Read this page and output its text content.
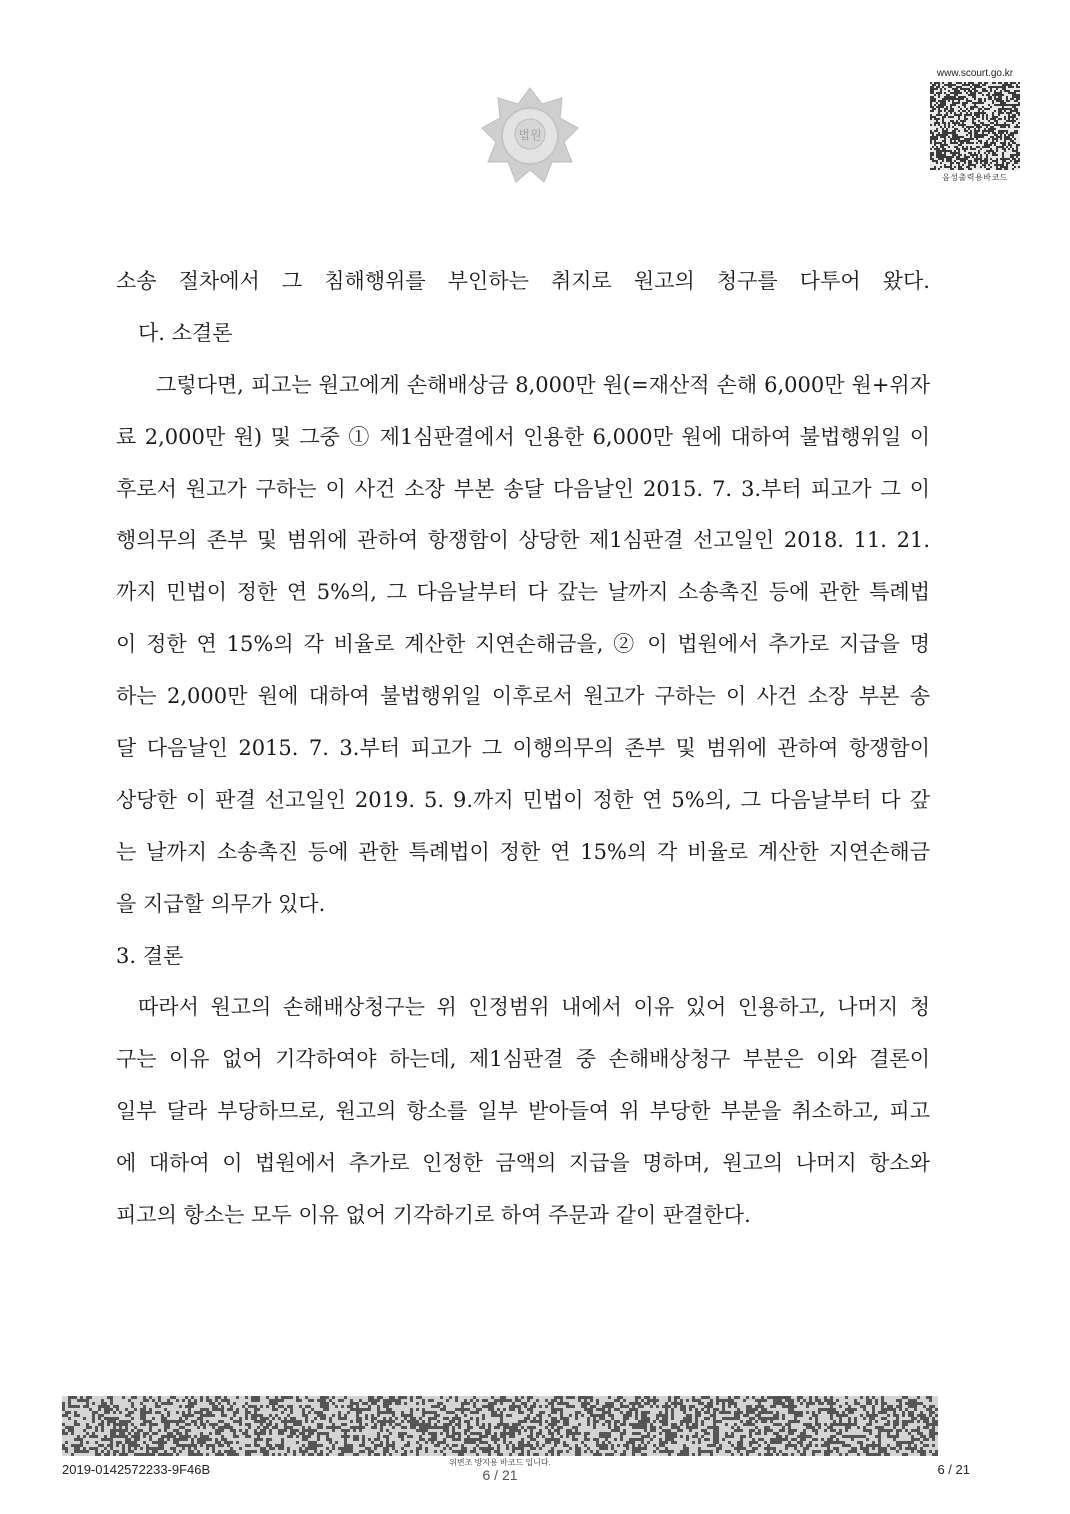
법원
www.scourt.go.kr
음성출력용바코드
소송 절차에서 그 침해행위를 부인하는 취지로 원고의 청구를 다투어 왔다.
다. 소결론
그렇다면, 피고는 원고에게 손해배상금 8,000만 원(=재산적 손해 6,000만 원+위자
료 2,000만 원) 및 그중 ① 제1심판결에서 인용한 6,000만 원에 대하여 불법행위일 이
후로서 원고가 구하는 이 사건 소장 부본 송달 다음날인 2015. 7. 3.부터 피고가 그 이
행의무의 존부 및 범위에 관하여 항쟁함이 상당한 제1심판결 선고일인 2018. 11. 21.
까지 민법이 정한 연 5%의, 그 다음날부터 다 갚는 날까지 소송촉진 등에 관한 특례법
이 정한 연 15%의 각 비율로 계산한 지연손해금을, ② 이 법원에서 추가로 지급을 명
하는 2,000만 원에 대하여 불법행위일 이후로서 원고가 구하는 이 사건 소장 부본 송
달 다음날인 2015. 7. 3.부터 피고가 그 이행의무의 존부 및 범위에 관하여 항쟁함이
상당한 이 판결 선고일인 2019. 5. 9.까지 민법이 정한 연 5%의, 그 다음날부터 다 갚
는 날까지 소송촉진 등에 관한 특례법이 정한 연 15%의 각 비율로 계산한 지연손해금
을 지급할 의무가 있다.
3. 결론
따라서 원고의 손해배상청구는 위 인정범위 내에서 이유 있어 인용하고, 나머지 청
구는 이유 없어 기각하여야 하는데, 제1심판결 중 손해배상청구 부분은 이와 결론이
일부 달라 부당하므로, 원고의 항소를 일부 받아들여 위 부당한 부분을 취소하고, 피고
에 대하여 이 법원에서 추가로 인정한 금액의 지급을 명하며, 원고의 나머지 항소와
피고의 항소는 모두 이유 없어 기각하기로 하여 주문과 같이 판결한다.
2019-0142572233-9F46B	위변조 방지용 바코드 입니다.
6 / 21	6 / 21
